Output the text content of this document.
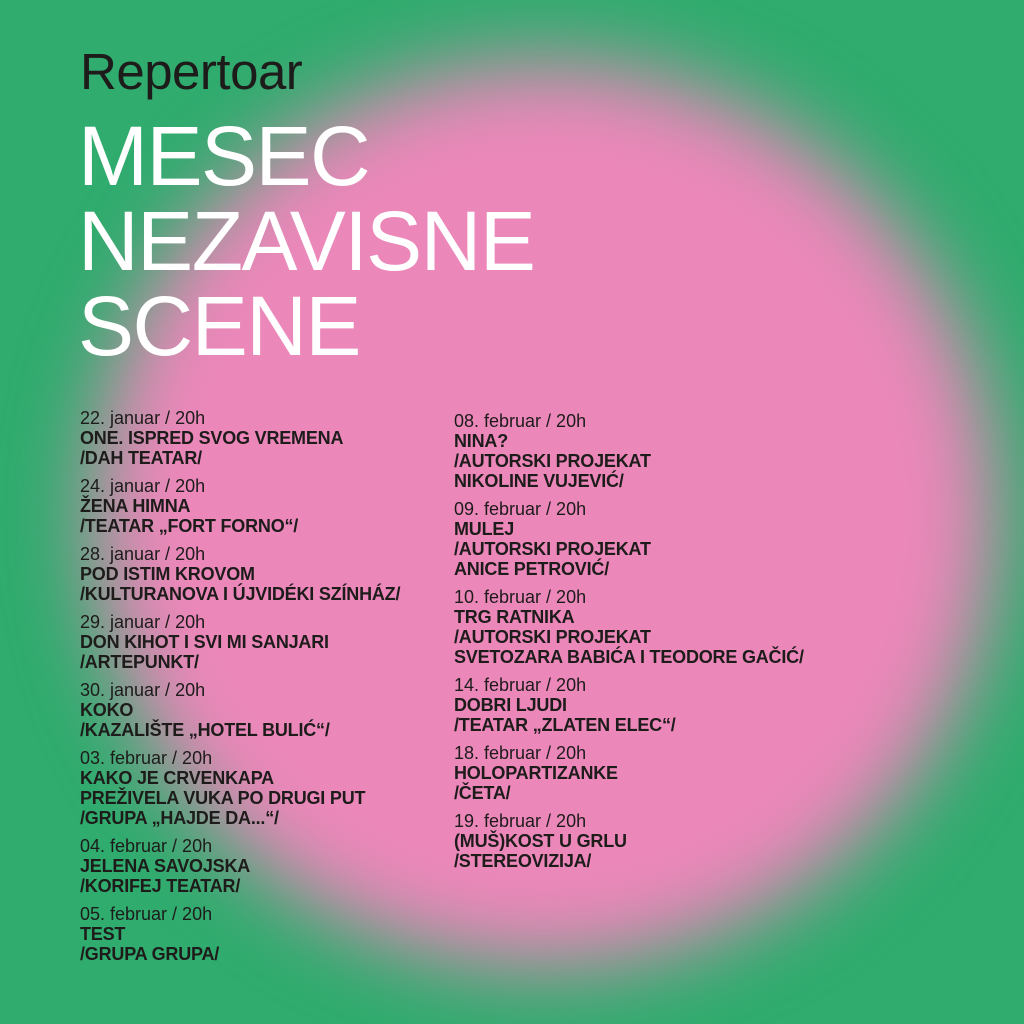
Repertoar
MESEC
NEZAVISNE
SCENE
22. januar / 20h
ONE. ISPRED SVOG VREMENA
/DAH TEATAR/
24. januar / 20h
ŽENA HIMNA
/TEATAR „FORT FORNO“/
28. januar / 20h
POD ISTIM KROVOM
/KULTURANOVA I ÚJVIDÉKI SZÍNHÁZ/
29. januar / 20h
DON KIHOT I SVI MI SANJARI
/ARTEPUNKT/
30. januar / 20h
KOKO
/KAZALIŠTE „HOTEL BULIĆ“/
03. februar / 20h
KAKO JE CRVENKAPA
PREŽIVELA VUKA PO DRUGI PUT
/GRUPA „HAJDE DA...“/
04. februar / 20h
JELENA SAVOJSKA
/KORIFEJ TEATAR/
05. februar / 20h
TEST
/GRUPA GRUPA/
08. februar / 20h
NINA?
/AUTORSKI PROJEKAT
NIKOLINE VUJEVIĆ/
09. februar / 20h
MULEJ
/AUTORSKI PROJEKAT
ANICE PETROVIĆ/
10. februar / 20h
TRG RATNIKA
/AUTORSKI PROJEKAT
SVETOZARA BABIĆA I TEODORE GAČIĆ/
14. februar / 20h
DOBRI LJUDI
/TEATAR „ZLATEN ELEC“/
18. februar / 20h
HOLOPARTIZANKE
/ČETA/
19. februar / 20h
(MUŠ)KOST U GRLU
/STEREOVIZIJA/
